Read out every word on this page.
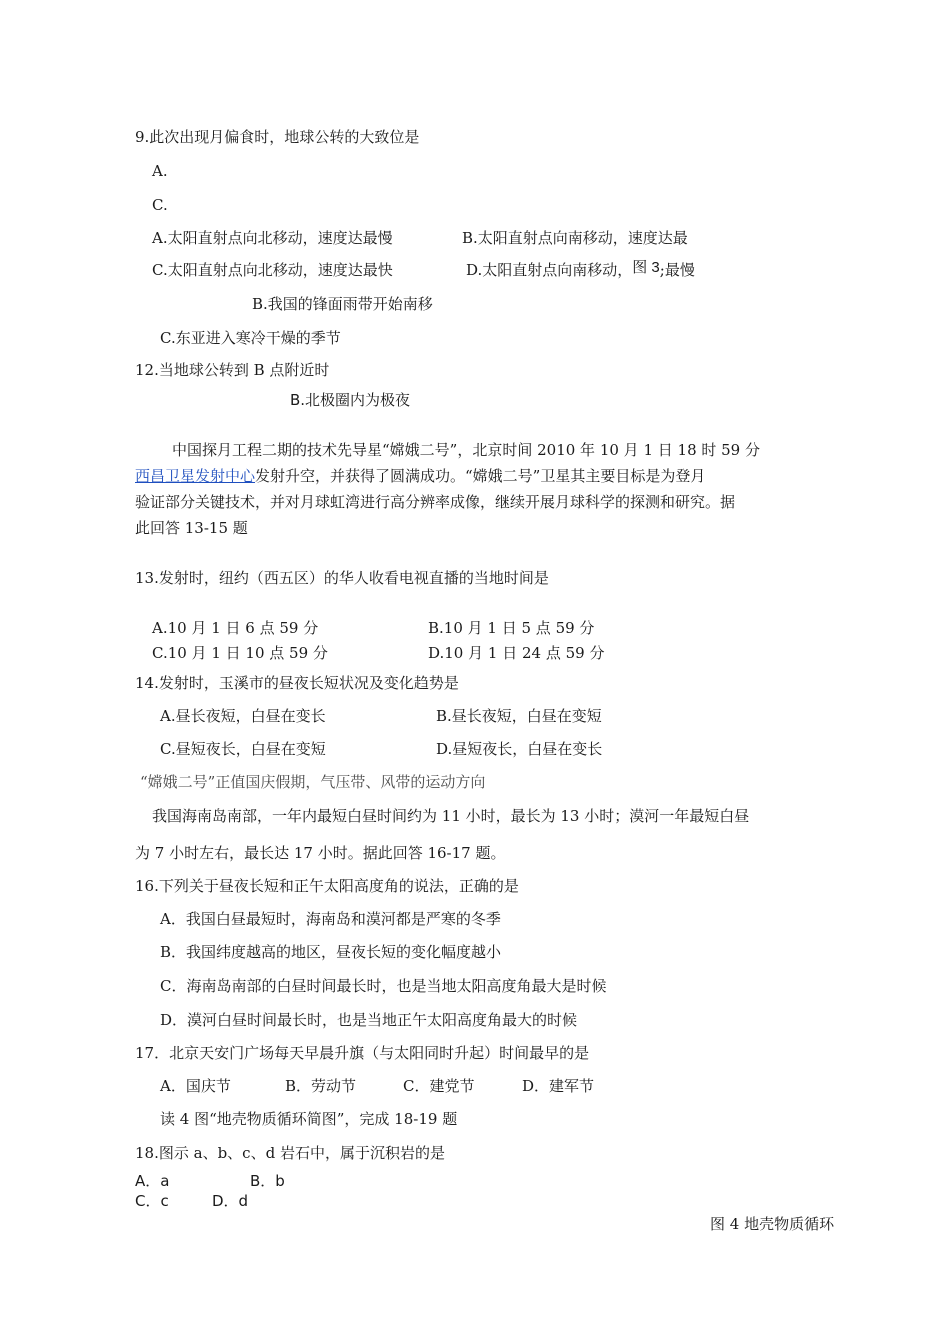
9.此次出现月偏食时，地球公转的大致位是
A.
C.
A.太阳直射点向北移动，速度达最慢	B.太阳直射点向南移动，速度达最
C.太阳直射点向北移动，速度达最快	D.太阳直射点向南移动，图 3;最慢
B.我国的锋面雨带开始南移
C.东亚进入寒冷干燥的季节
12.当地球公转到 B 点附近时
B.北极圈内为极夜
中国探月工程二期的技术先导星“嫦娥二号”，北京时间 2010 年 10 月 1 日 18 时 59 分
西昌卫星发射中心发射升空，并获得了圆满成功。“嫦娥二号”卫星其主要目标是为登月
验证部分关键技术，并对月球虹湾进行高分辨率成像，继续开展月球科学的探测和研究。据
此回答 13-15 题
13.发射时，纽约（西五区）的华人收看电视直播的当地时间是
A.10 月 1 日 6 点 59 分	B.10 月 1 日 5 点 59 分
C.10 月 1 日 10 点 59 分	D.10 月 1 日 24 点 59 分
14.发射时，玉溪市的昼夜长短状况及变化趋势是
A.昼长夜短，白昼在变长	B.昼长夜短，白昼在变短
C.昼短夜长，白昼在变短	D.昼短夜长，白昼在变长
“嫦娥二号”正值国庆假期，气压带、风带的运动方向
我国海南岛南部，一年内最短白昼时间约为 11 小时，最长为 13 小时；漠河一年最短白昼
为 7 小时左右，最长达 17 小时。据此回答 16-17 题。
16.下列关于昼夜长短和正午太阳高度角的说法，正确的是
A．我国白昼最短时，海南岛和漠河都是严寒的冬季
B．我国纬度越高的地区，昼夜长短的变化幅度越小
C．海南岛南部的白昼时间最长时，也是当地太阳高度角最大是时候
D．漠河白昼时间最长时，也是当地正午太阳高度角最大的时候
17．北京天安门广场每天早晨升旗（与太阳同时升起）时间最早的是
A．国庆节	B．劳动节	C．建党节	D．建军节
读 4 图“地壳物质循环简图”，完成 18-19 题
18.图示 a、b、c、d 岩石中，属于沉积岩的是
A．a	B．b
C．c	D．d
图 4 地壳物质循环
